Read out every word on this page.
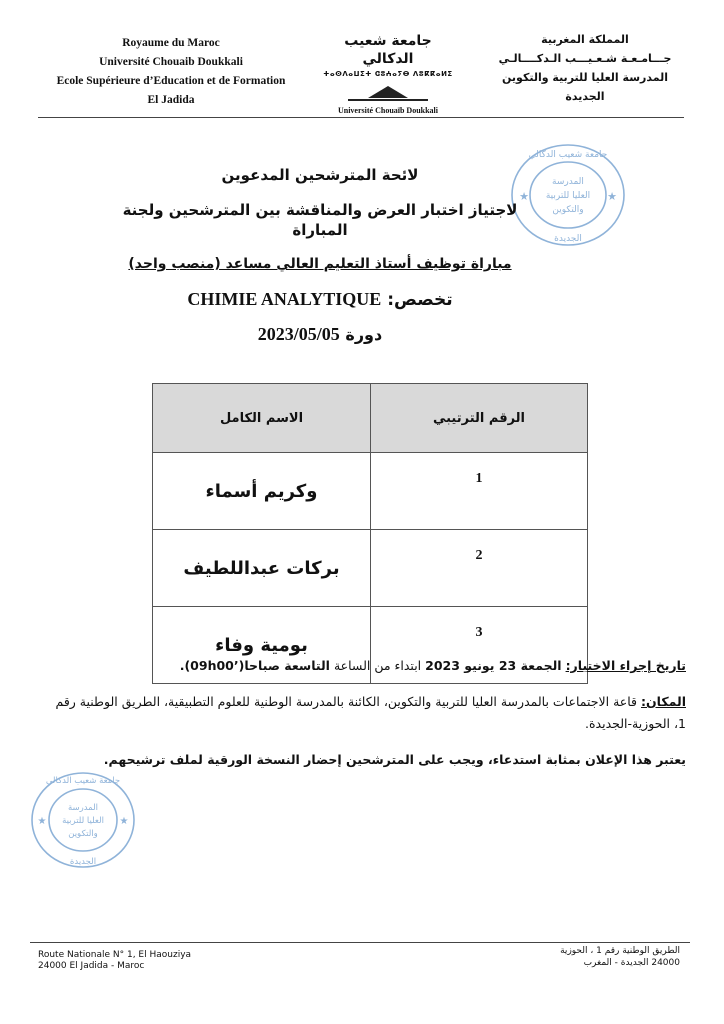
Royaume du Maroc
Université Chouaib Doukkali
Ecole Supérieure d’Education et de Formation
El Jadida
جامعة شعيب الدكالي
ⵜⴰⵙⴷⴰⵡⵉⵜ ⵛⵓⵄⴰⵢⴱ ⴷⵓⴽⴽⴰⵍⵉ
Université Chouaïb Doukkali
المملكة المغربية
جـــامـعـة شـعـيـــب الـدكــــالـي
المدرسة العليا للتربية والتكوين
الجديدة
جامعة شعيب الدكالي
المدرسة
العليا للتربية
والتكوين
الجديدة
★	★
جامعة شعيب الدكالي
المدرسة
العليا للتربية
والتكوين
الجديدة
★	★
لائحة المترشحين المدعوين
لاجتياز اختبار العرض والمناقشة بين المترشحين ولجنة المباراة
مباراة توظيف أستاذ التعليم العالي مساعد (منصب واحد)
تخصص: CHIMIE ANALYTIQUE
دورة 2023/05/05
الرقم الترتيبي	الاسم الكامل
1	وكريم أسماء
2	بركات عبداللطيف
3	بومية وفاء
تاريخ إجراء الاختبار: الجمعة 23 يونيو 2023 ابتداء من الساعة التاسعة صباحا(’09h00).
المكان: قاعة الاجتماعات بالمدرسة العليا للتربية والتكوين، الكائنة بالمدرسة الوطنية للعلوم التطبيقية، الطريق الوطنية رقم 1، الحوزية-الجديدة.
يعتبر هذا الإعلان بمثابة استدعاء، ويجب على المترشحين إحضار النسخة الورقية لملف ترشيحهم.
Route Nationale N° 1, El Haouziya
24000 El Jadida - Maroc
الطريق الوطنية رقم 1 ، الحوزية
24000 الجديدة - المغرب
